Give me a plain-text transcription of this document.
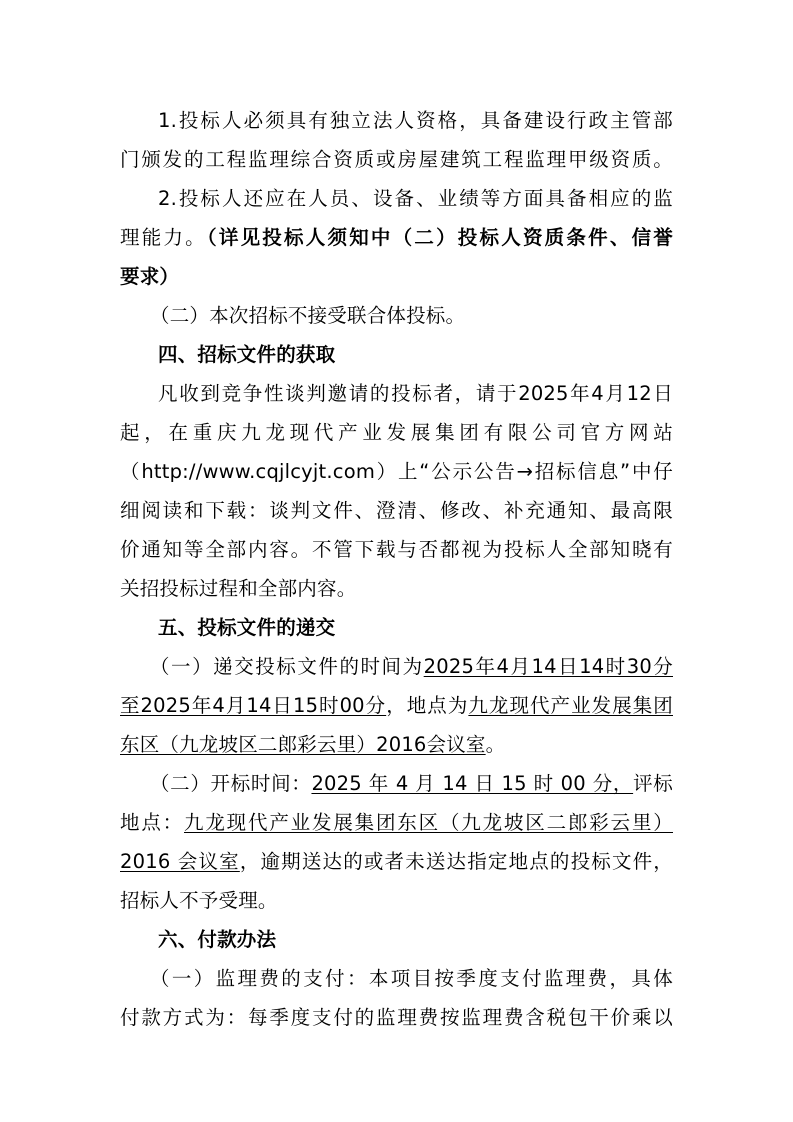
1.投标人必须具有独立法人资格，具备建设行政主管部
门颁发的工程监理综合资质或房屋建筑工程监理甲级资质。
2.投标人还应在人员、设备、业绩等方面具备相应的监
理能力。（详见投标人须知中（二）投标人资质条件、信誉
要求）
（二）本次招标不接受联合体投标。
四、招标文件的获取
凡收到竞争性谈判邀请的投标者，请于2025年4月12日
起，在重庆九龙现代产业发展集团有限公司官方网站
（http://www.cqjlcyjt.com）上“公示公告→招标信息”中仔
细阅读和下载：谈判文件、澄清、修改、补充通知、最高限
价通知等全部内容。不管下载与否都视为投标人全部知晓有
关招投标过程和全部内容。
五、投标文件的递交
（一）递交投标文件的时间为2025年4月14日14时30分
至2025年4月14日15时00分，地点为九龙现代产业发展集团
东区（九龙坡区二郎彩云里）2016会议室。
（二）开标时间：2025 年 4 月 14 日 15 时 00 分，评标
地点：九龙现代产业发展集团东区（九龙坡区二郎彩云里）
2016 会议室，逾期送达的或者未送达指定地点的投标文件，
招标人不予受理。
六、付款办法
（一）监理费的支付：本项目按季度支付监理费，具体
付款方式为：每季度支付的监理费按监理费含税包干价乘以
